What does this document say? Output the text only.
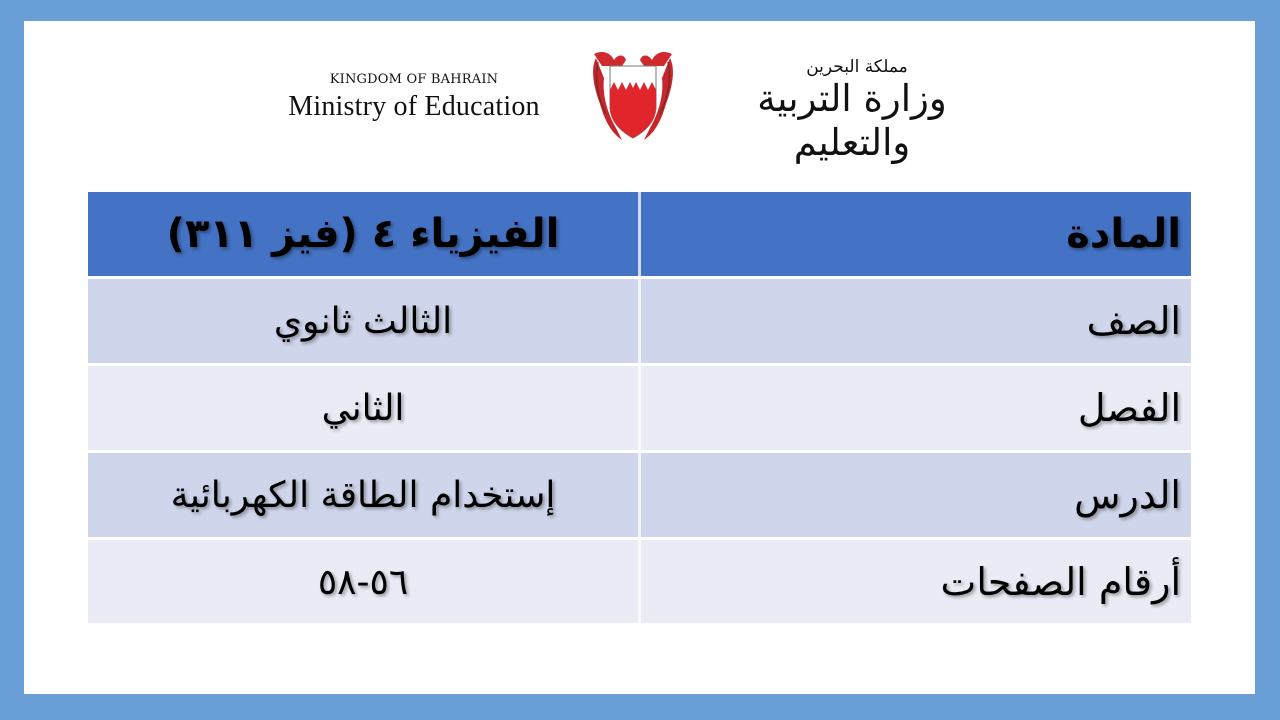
KINGDOM OF BAHRAIN
Ministry of Education
مملكة البحرين
وزارة التربية والتعليم
المادة
الفيزياء ٤ (فيز ٣١١)
الصف
الثالث ثانوي
الفصل
الثاني
الدرس
إستخدام الطاقة الكهربائية
أرقام الصفحات
٥٦-٥٨
